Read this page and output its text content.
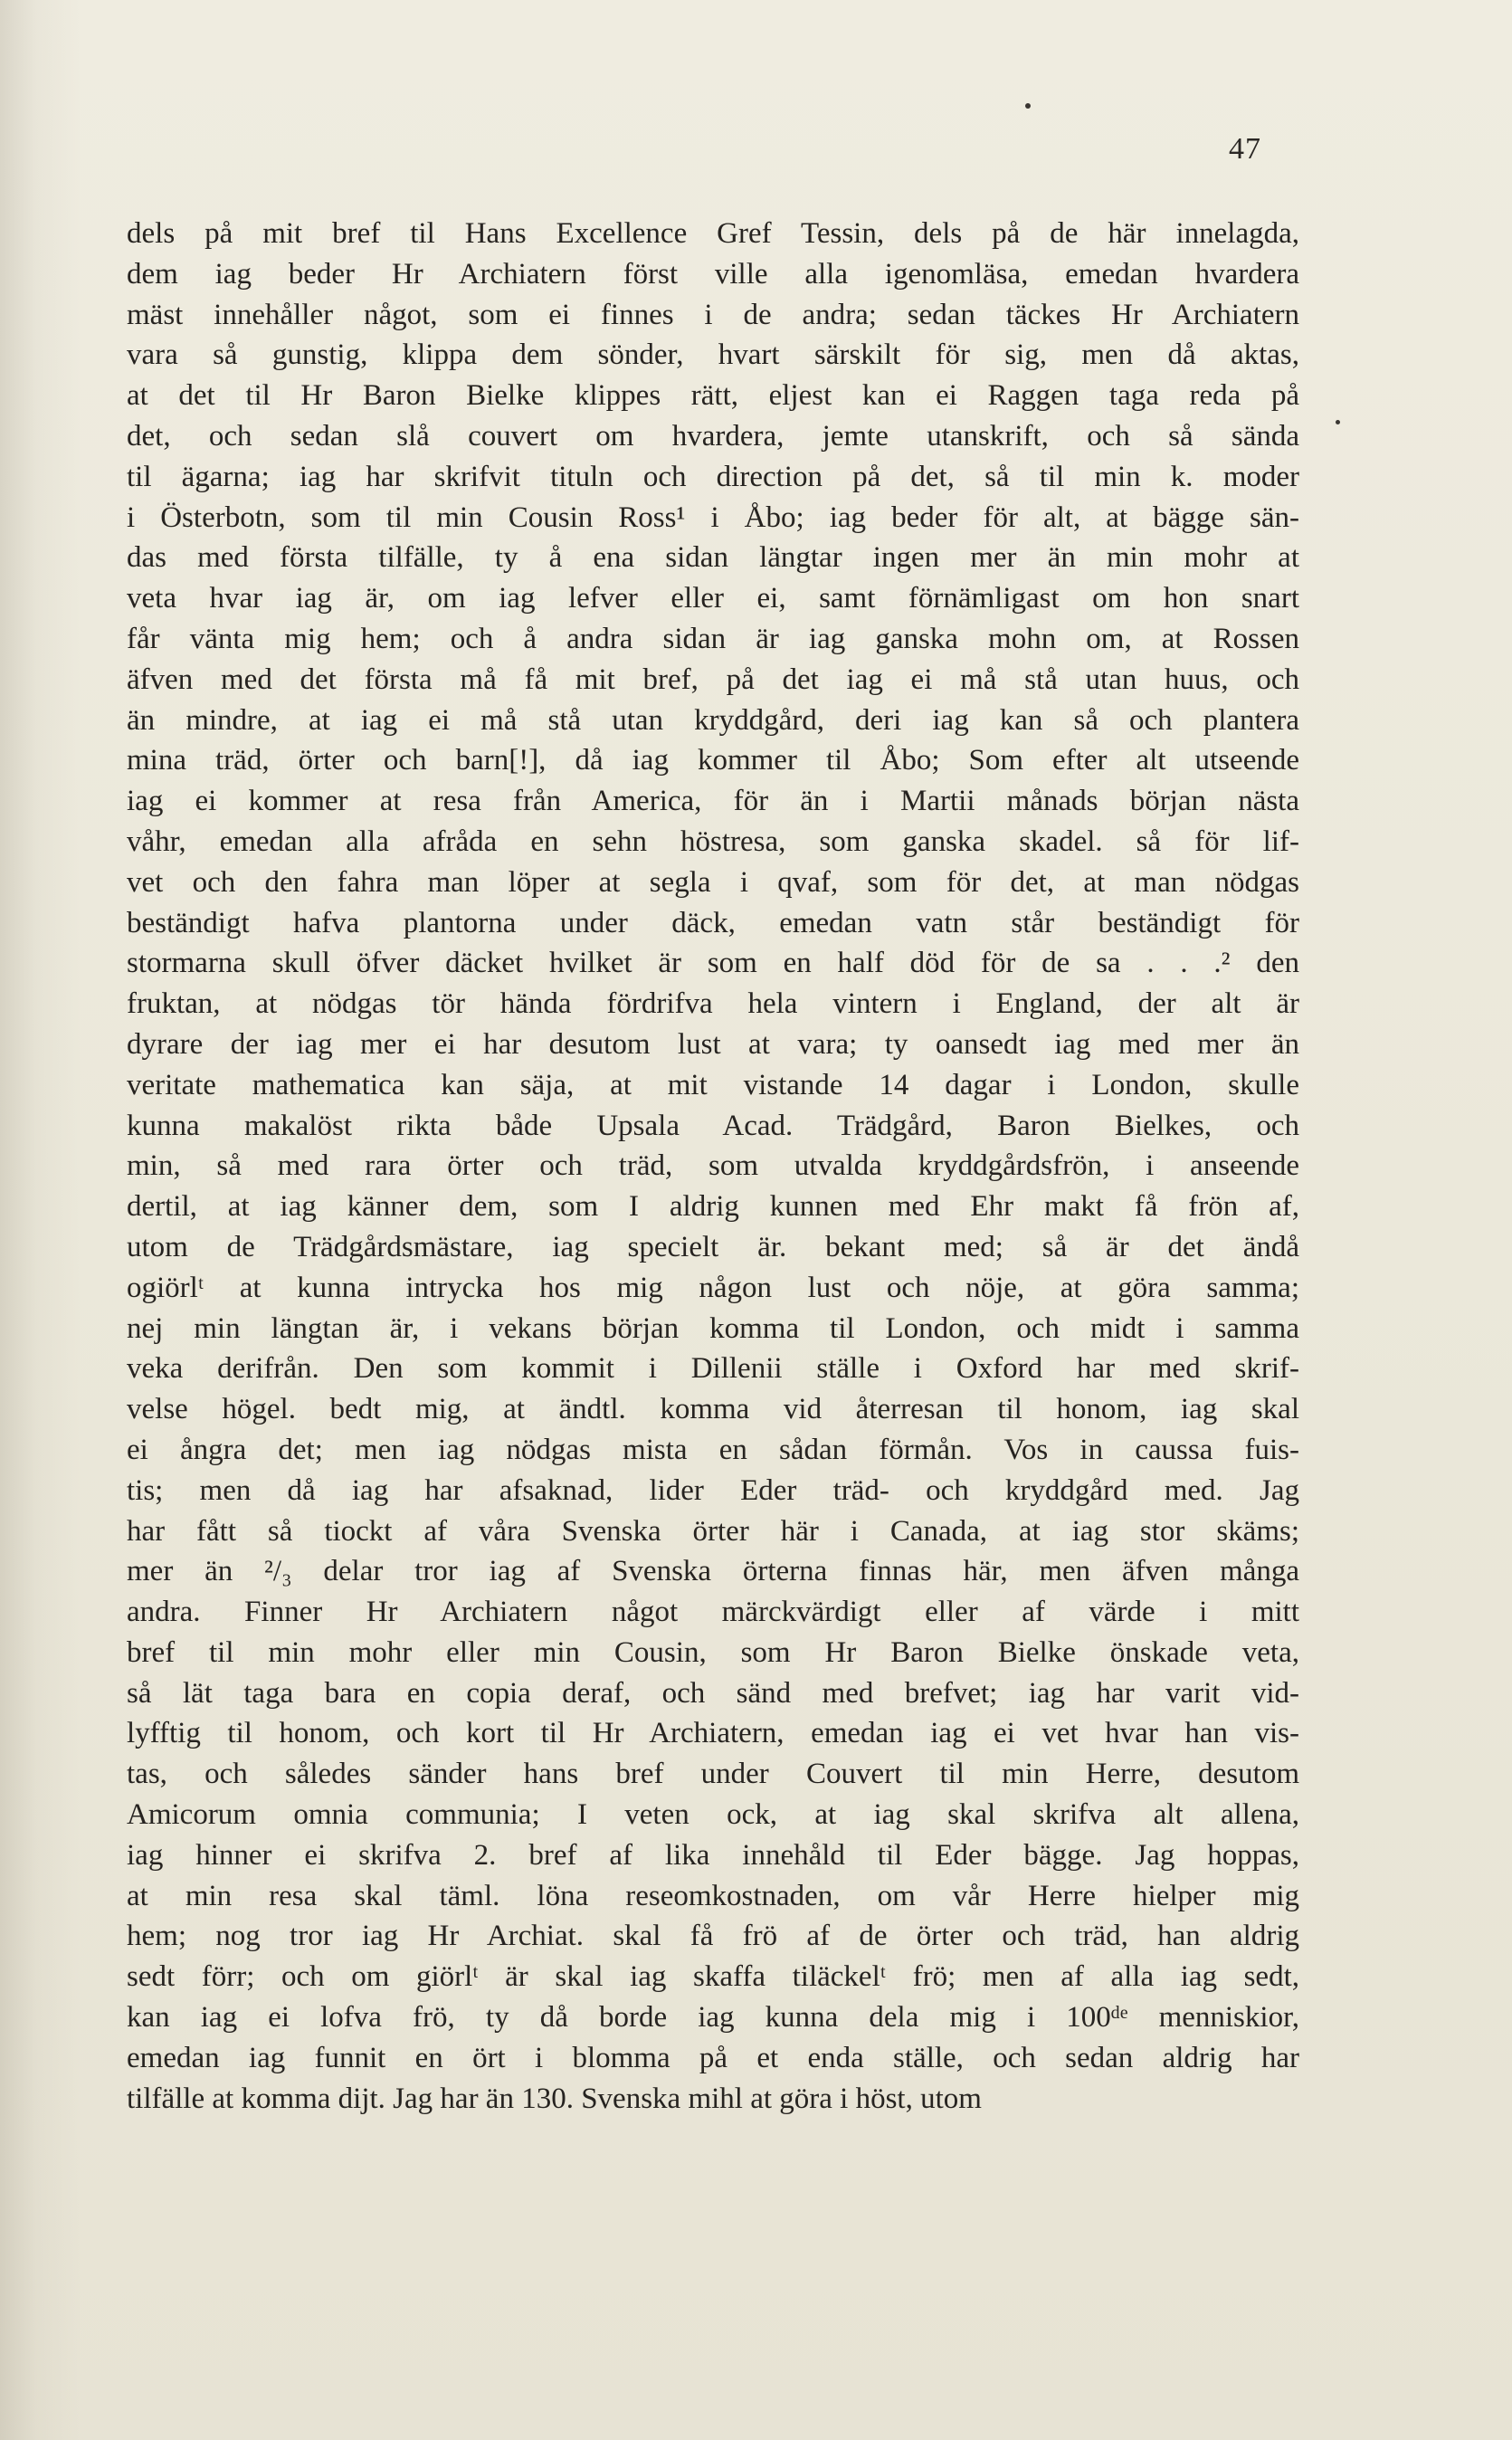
47
dels på mit bref til Hans Excellence Gref Tessin, dels på de här innelagda,
dem iag beder Hr Archiatern först ville alla igenomläsa, emedan hvardera
mäst innehåller något, som ei finnes i de andra; sedan täckes Hr Archiatern
vara så gunstig, klippa dem sönder, hvart särskilt för sig, men då aktas,
at det til Hr Baron Bielke klippes rätt, eljest kan ei Raggen taga reda på
det, och sedan slå couvert om hvardera, jemte utanskrift, och så sända
til ägarna; iag har skrifvit tituln och direction på det, så til min k. moder
i Österbotn, som til min Cousin Ross¹ i Åbo; iag beder för alt, at bägge sän-
das med första tilfälle, ty å ena sidan längtar ingen mer än min mohr at
veta hvar iag är, om iag lefver eller ei, samt förnämligast om hon snart
får vänta mig hem; och å andra sidan är iag ganska mohn om, at Rossen
äfven med det första må få mit bref, på det iag ei må stå utan huus, och
än mindre, at iag ei må stå utan kryddgård, deri iag kan så och plantera
mina träd, örter och barn[!], då iag kommer til Åbo; Som efter alt utseende
iag ei kommer at resa från America, för än i Martii månads början nästa
våhr, emedan alla afråda en sehn höstresa, som ganska skadel. så för lif-
vet och den fahra man löper at segla i qvaf, som för det, at man nödgas
beständigt hafva plantorna under däck, emedan vatn står beständigt för
stormarna skull öfver däcket hvilket är som en half död för de sa . . .² den
fruktan, at nödgas tör hända fördrifva hela vintern i England, der alt är
dyrare der iag mer ei har desutom lust at vara; ty oansedt iag med mer än
veritate mathematica kan säja, at mit vistande 14 dagar i London, skulle
kunna makalöst rikta både Upsala Acad. Trädgård, Baron Bielkes, och
min, så med rara örter och träd, som utvalda kryddgårdsfrön, i anseende
dertil, at iag känner dem, som I aldrig kunnen med Ehr makt få frön af,
utom de Trädgårdsmästare, iag specielt är. bekant med; så är det ändå
ogiörlᵗ at kunna intrycka hos mig någon lust och nöje, at göra samma;
nej min längtan är, i vekans början komma til London, och midt i samma
veka derifrån. Den som kommit i Dillenii ställe i Oxford har med skrif-
velse högel. bedt mig, at ändtl. komma vid återresan til honom, iag skal
ei ångra det; men iag nödgas mista en sådan förmån. Vos in caussa fuis-
tis; men då iag har afsaknad, lider Eder träd- och kryddgård med. Jag
har fått så tiockt af våra Svenska örter här i Canada, at iag stor skäms;
mer än ²/₃ delar tror iag af Svenska örterna finnas här, men äfven många
andra. Finner Hr Archiatern något märckvärdigt eller af värde i mitt
bref til min mohr eller min Cousin, som Hr Baron Bielke önskade veta,
så lät taga bara en copia deraf, och sänd med brefvet; iag har varit vid-
lyfftig til honom, och kort til Hr Archiatern, emedan iag ei vet hvar han vis-
tas, och således sänder hans bref under Couvert til min Herre, desutom
Amicorum omnia communia; I veten ock, at iag skal skrifva alt allena,
iag hinner ei skrifva 2. bref af lika innehåld til Eder bägge. Jag hoppas,
at min resa skal täml. löna reseomkostnaden, om vår Herre hielper mig
hem; nog tror iag Hr Archiat. skal få frö af de örter och träd, han aldrig
sedt förr; och om giörlᵗ är skal iag skaffa tiläckelᵗ frö; men af alla iag sedt,
kan iag ei lofva frö, ty då borde iag kunna dela mig i 100ᵈᵉ menniskior,
emedan iag funnit en ört i blomma på et enda ställe, och sedan aldrig har
tilfälle at komma dijt. Jag har än 130. Svenska mihl at göra i höst, utom
